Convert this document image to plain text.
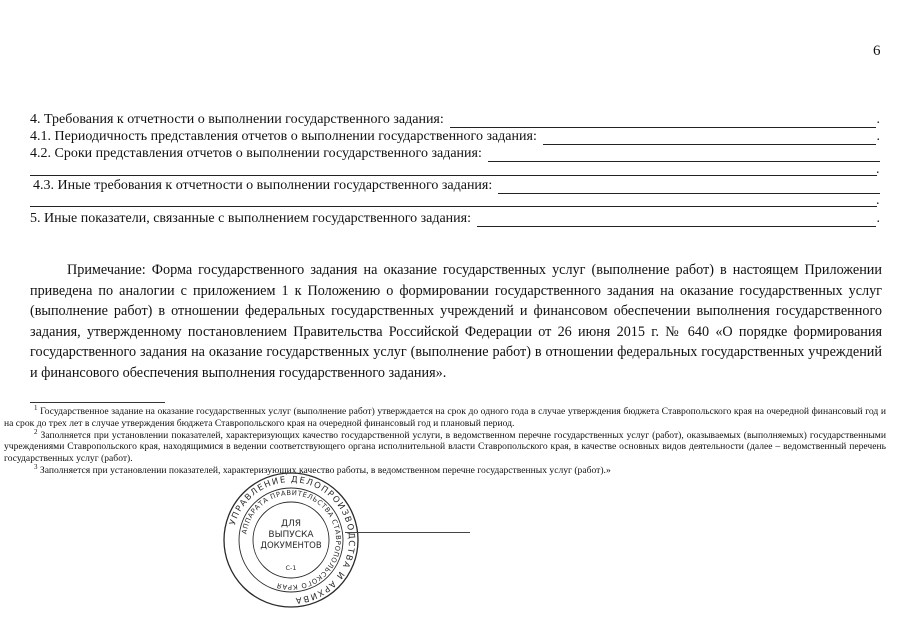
6
4. Требования к отчетности о выполнении государственного задания:	.
4.1. Периодичность представления отчетов о выполнении государственного задания:	.
4.2. Сроки представления отчетов о выполнении государственного задания:
.
4.3. Иные требования к отчетности о выполнении государственного задания:
.
5. Иные показатели, связанные с выполнением государственного задания:	.

Примечание: Форма государственного задания на оказание государственных услуг (выполнение работ) в настоящем Приложении приведена по аналогии с приложением 1 к Положению о формировании государственного задания на оказание государственных услуг (выполнение работ) в отношении федеральных государственных учреждений и финансовом обеспечении выполнения государственного задания, утвержденному постановлением Правительства Российской Федерации от 26 июня 2015 г. № 640 «О порядке формирования государственного задания на оказание государственных услуг (выполнение работ) в отношении федеральных государственных учреждений и финансового обеспечения выполнения государственного задания».

$^1$ Государственное задание на оказание государственных услуг (выполнение работ) утверждается на срок до одного года в случае утверждения бюджета Ставропольского края на очередной финансовый год и на срок до трех лет в случае утверждения бюджета Ставропольского края на очередной финансовый год и плановый период.

$^2$ Заполняется при установлении показателей, характеризующих качество государственной услуги, в ведомственном перечне государственных услуг (работ), оказываемых (выполняемых) государственными учреждениями Ставропольского края, находящимися в ведении соответствующего органа исполнительной власти Ставропольского края, в качестве основных видов деятельности (далее – ведомственный перечень государственных услуг (работ).

$^3$ Заполняется при установлении показателей, характеризующих качество работы, в ведомственном перечне государственных услуг (работ).»

УПРАВЛЕНИЕ ДЕЛОПРОИЗВОДСТВА И АРХИВА
АППАРАТА ПРАВИТЕЛЬСТВА СТАВРОПОЛЬСКОГО КРАЯ
ДЛЯ
ВЫПУСКА
ДОКУМЕНТОВ
С-1
